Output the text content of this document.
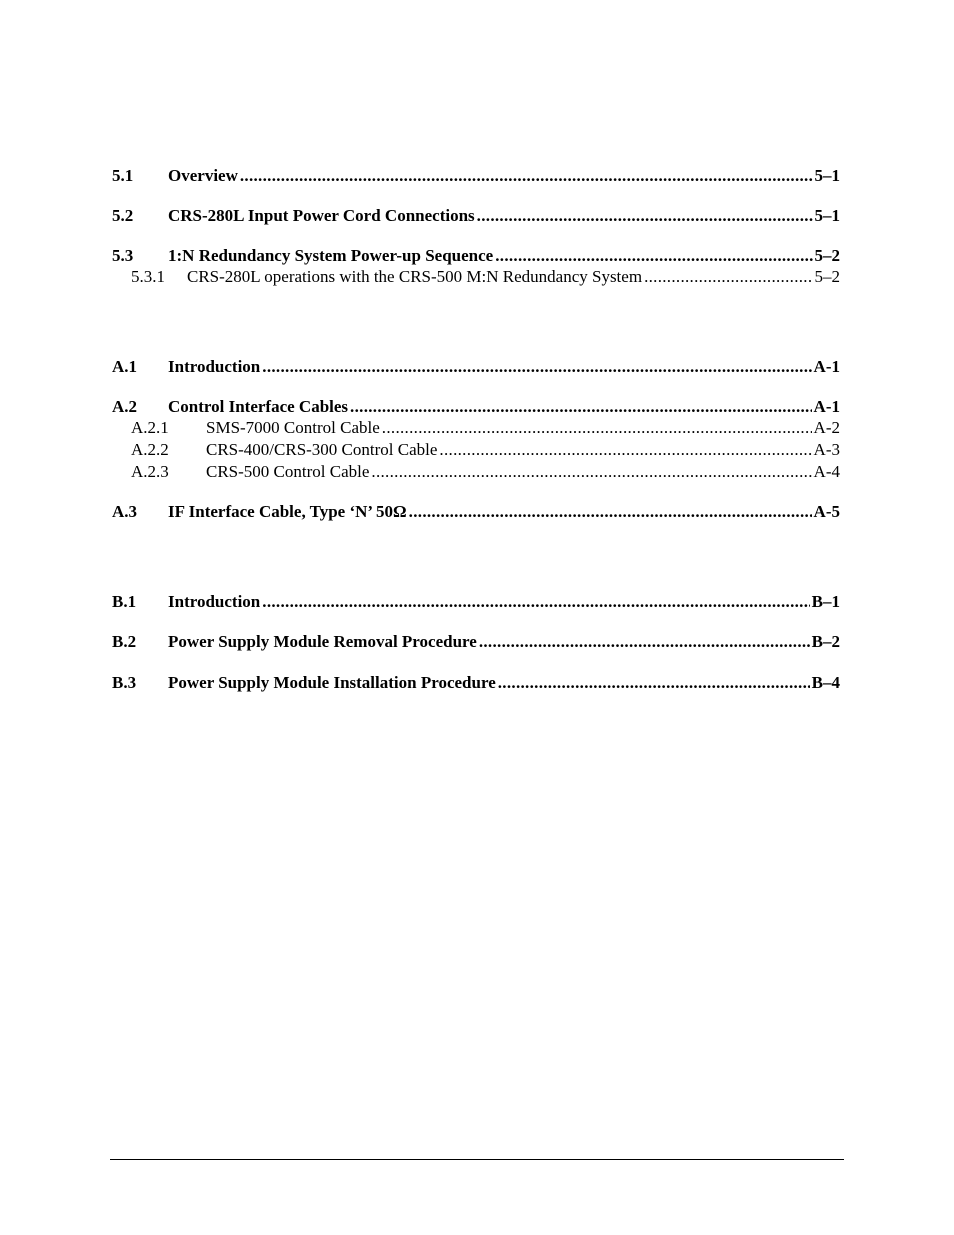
5.1	Overview .....	5–1
5.2	CRS-280L Input Power Cord Connections .....	5–1
5.3	1:N Redundancy System Power-up Sequence .....	5–2
5.3.1	CRS-280L operations with the CRS-500 M:N Redundancy System .....	5–2
A.1	Introduction .....	A-1
A.2	Control Interface Cables .....	A-1
A.2.1	SMS-7000 Control Cable .....	A-2
A.2.2	CRS-400/CRS-300 Control Cable .....	A-3
A.2.3	CRS-500 Control Cable .....	A-4
A.3	IF Interface Cable, Type ‘N’ 50Ω .....	A-5
B.1	Introduction .....	B–1
B.2	Power Supply Module Removal Procedure .....	B–2
B.3	Power Supply Module Installation Procedure .....	B–4
